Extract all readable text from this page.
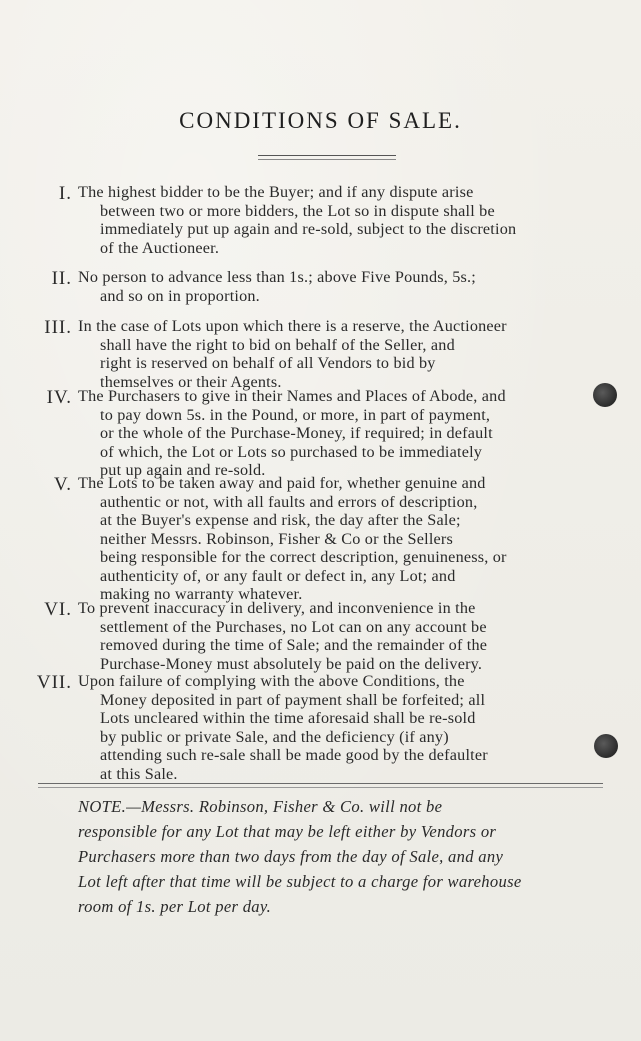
CONDITIONS OF SALE.
I. The highest bidder to be the Buyer; and if any dispute arise

between two or more bidders, the Lot so in dispute shall be

immediately put up again and re-sold, subject to the discretion

of the Auctioneer.

II. No person to advance less than 1s.; above Five Pounds, 5s.;

and so on in proportion.

III. In the case of Lots upon which there is a reserve, the Auctioneer

shall have the right to bid on behalf of the Seller, and

right is reserved on behalf of all Vendors to bid by

themselves or their Agents.

IV. The Purchasers to give in their Names and Places of Abode, and

to pay down 5s. in the Pound, or more, in part of payment,

or the whole of the Purchase-Money, if required; in default

of which, the Lot or Lots so purchased to be immediately

put up again and re-sold.

V. The Lots to be taken away and paid for, whether genuine and

authentic or not, with all faults and errors of description,

at the Buyer's expense and risk, the day after the Sale;

neither Messrs. Robinson, Fisher & Co or the Sellers

being responsible for the correct description, genuineness, or

authenticity of, or any fault or defect in, any Lot; and

making no warranty whatever.

VI. To prevent inaccuracy in delivery, and inconvenience in the

settlement of the Purchases, no Lot can on any account be

removed during the time of Sale; and the remainder of the

Purchase-Money must absolutely be paid on the delivery.

VII. Upon failure of complying with the above Conditions, the

Money deposited in part of payment shall be forfeited; all

Lots uncleared within the time aforesaid shall be re-sold

by public or private Sale, and the deficiency (if any)

attending such re-sale shall be made good by the defaulter

at this Sale.

NOTE.—Messrs. Robinson, Fisher & Co. will not be

responsible for any Lot that may be left either by Vendors or

Purchasers more than two days from the day of Sale, and any

Lot left after that time will be subject to a charge for warehouse

room of 1s. per Lot per day.
